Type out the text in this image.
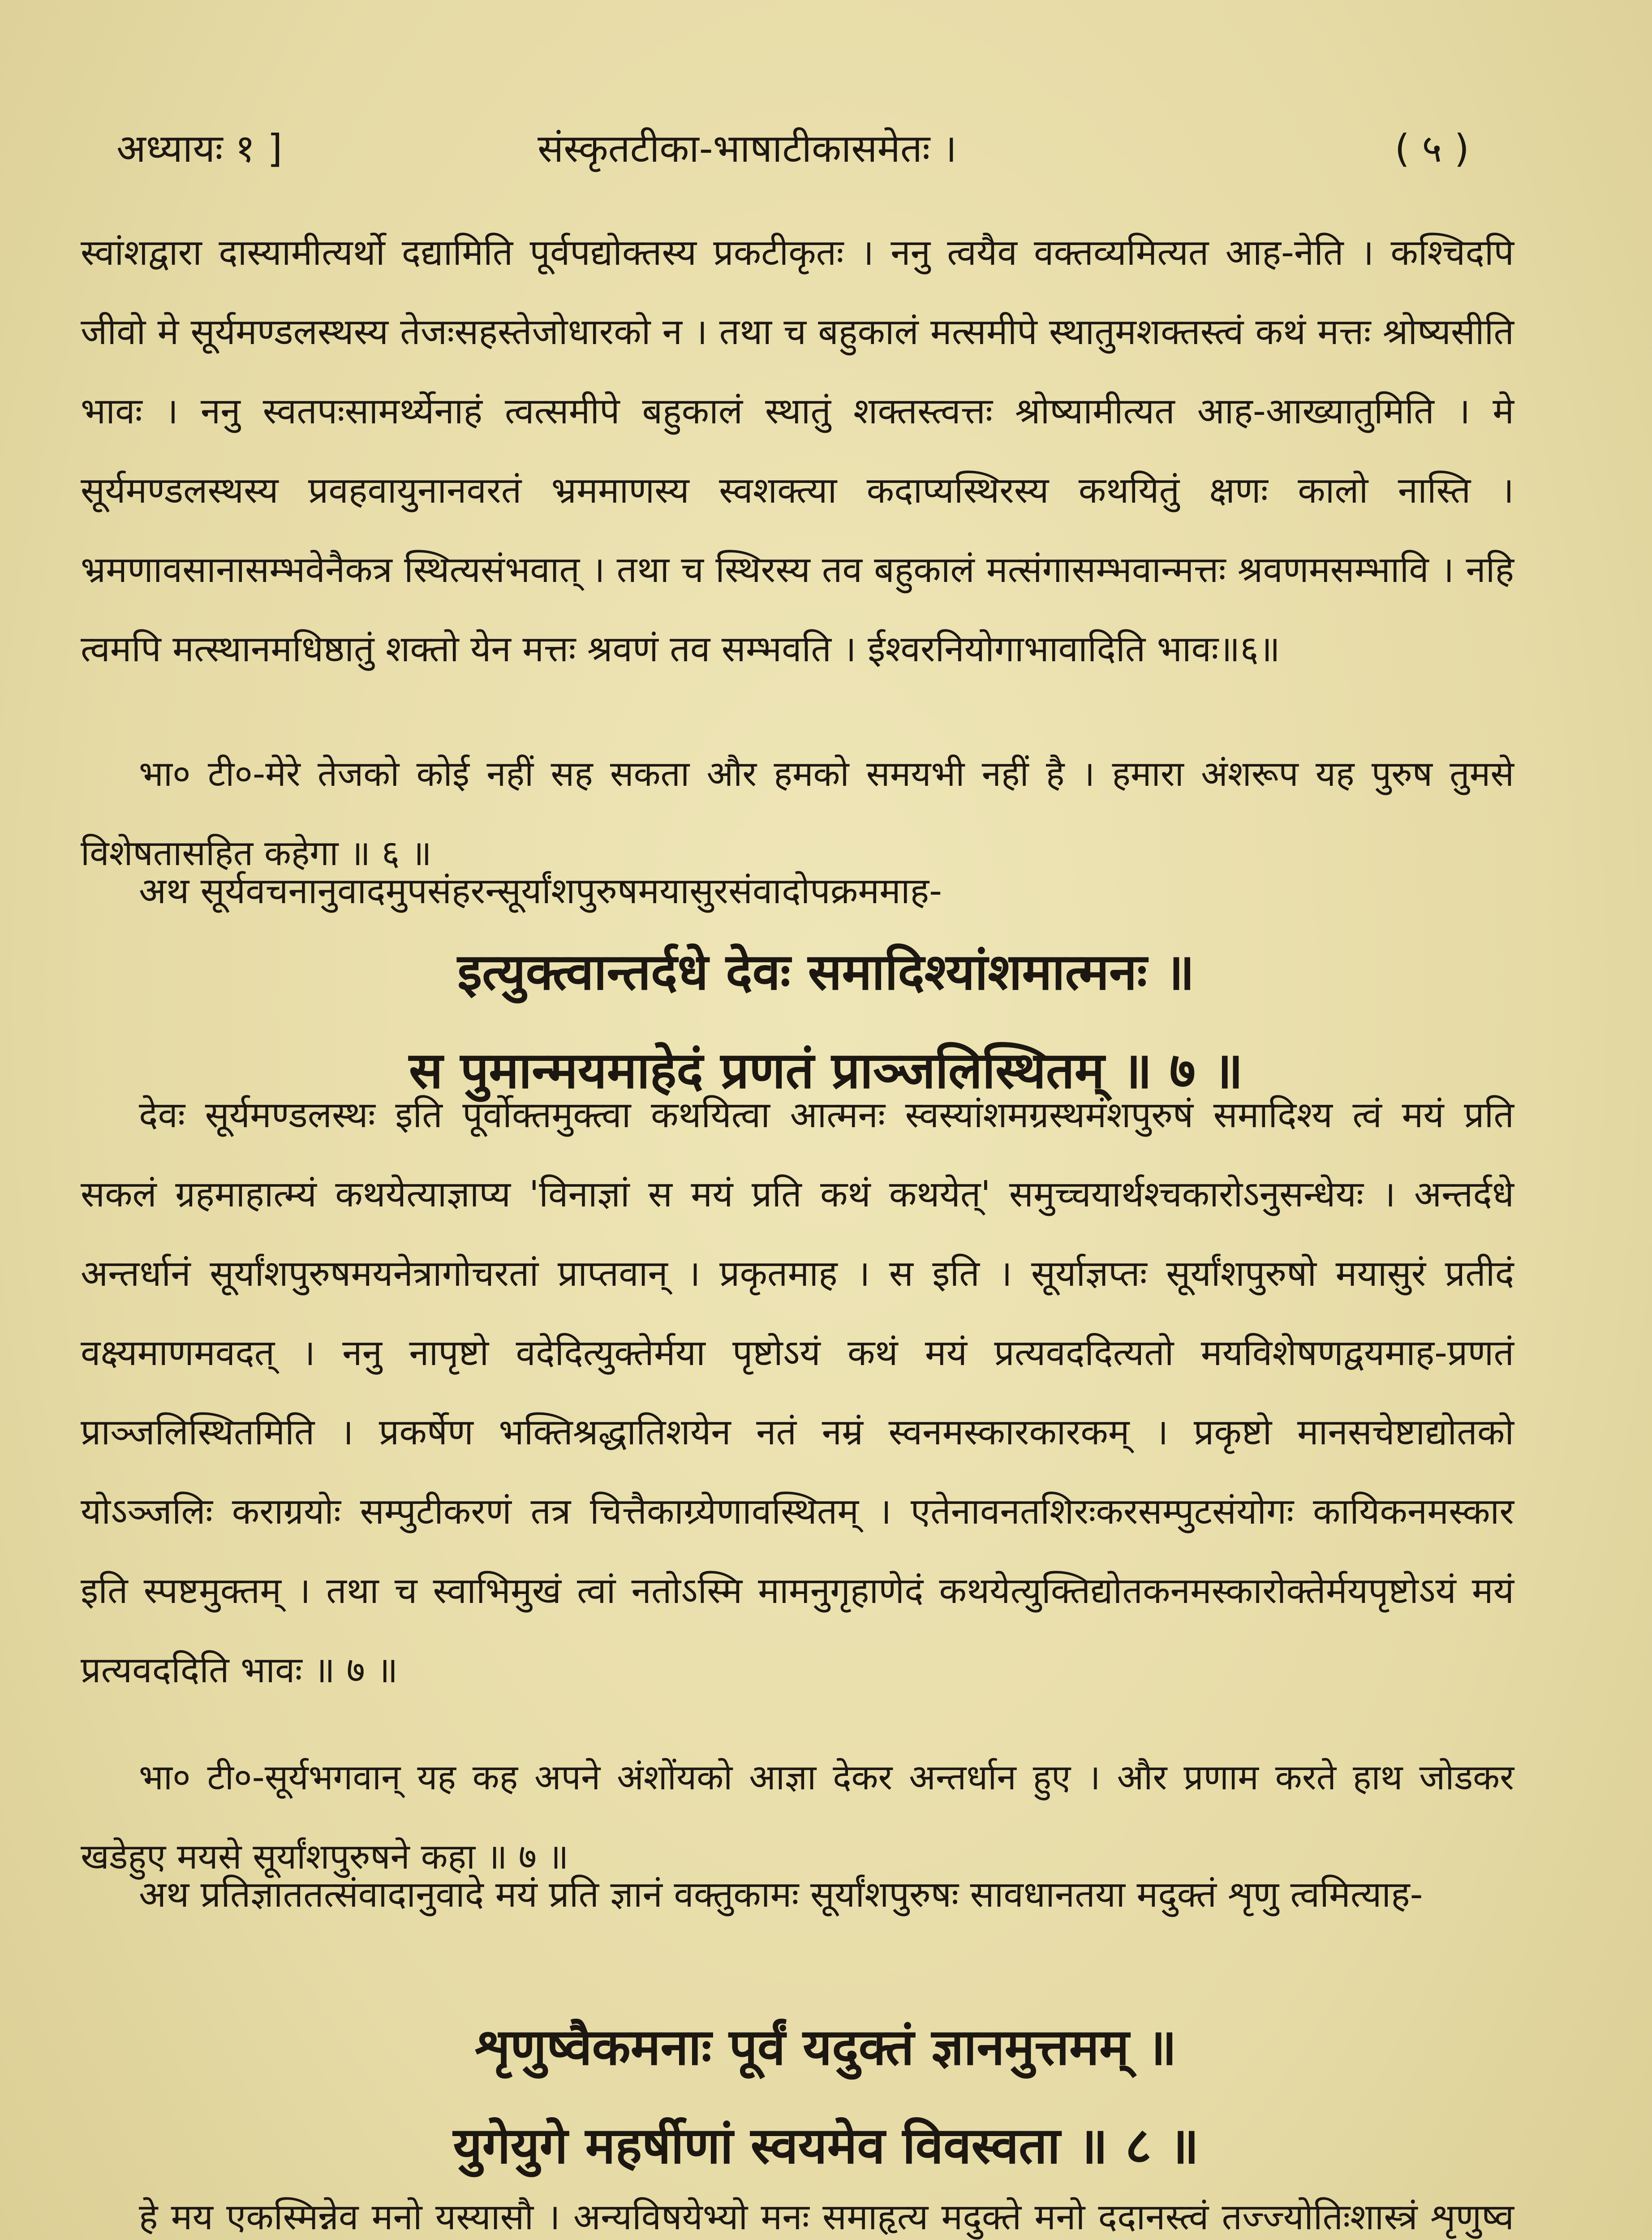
अध्यायः १ ]	संस्कृतटीका-भाषाटीकासमेतः ।	( ५ )
स्वांशद्वारा दास्यामीत्यर्थो दद्यामिति पूर्वपद्योक्तस्य प्रकटीकृतः । ननु त्वयैव वक्तव्यमित्यत आह-नेति । कश्चिदपि जीवो मे सूर्यमण्डलस्थस्य तेजःसहस्तेजोधारको न । तथा च बहुकालं मत्समीपे स्थातुमशक्तस्त्वं कथं मत्तः श्रोष्यसीति भावः । ननु स्वतपःसामर्थ्येनाहं त्वत्समीपे बहुकालं स्थातुं शक्तस्त्वत्तः श्रोष्यामीत्यत आह-आख्यातुमिति । मे सूर्यमण्डलस्थस्य प्रवहवायुनानवरतं भ्रममाणस्य स्वशक्त्या कदाप्यस्थिरस्य कथयितुं क्षणः कालो नास्ति । भ्रमणावसानासम्भवेनैकत्र स्थित्यसंभवात् । तथा च स्थिरस्य तव बहुकालं मत्संगासम्भवान्मत्तः श्रवणमसम्भावि । नहि त्वमपि मत्स्थानमधिष्ठातुं शक्तो येन मत्तः श्रवणं तव सम्भवति । ईश्वरनियोगाभावादिति भावः॥६॥
भा० टी०-मेरे तेजको कोई नहीं सह सकता और हमको समयभी नहीं है । हमारा अंशरूप यह पुरुष तुमसे विशेषतासहित कहेगा ॥ ६ ॥
अथ सूर्यवचनानुवादमुपसंहरन्सूर्यांशपुरुषमयासुरसंवादोपक्रममाह-
इत्युक्त्वान्तर्दधे देवः समादिश्यांशमात्मनः ॥
स पुमान्मयमाहेदं प्रणतं प्राञ्जलिस्थितम् ॥ ७ ॥
देवः सूर्यमण्डलस्थः इति पूर्वोक्तमुक्त्वा कथयित्वा आत्मनः स्वस्यांशमग्रस्थमंशपुरुषं समादिश्य त्वं मयं प्रति सकलं ग्रहमाहात्म्यं कथयेत्याज्ञाप्य 'विनाज्ञां स मयं प्रति कथं कथयेत्' समुच्चयार्थश्चकारोऽनुसन्धेयः । अन्तर्दधे अन्तर्धानं सूर्यांशपुरुषमयनेत्रागोचरतां प्राप्तवान् । प्रकृतमाह । स इति । सूर्याज्ञप्तः सूर्यांशपुरुषो मयासुरं प्रतीदं वक्ष्यमाणमवदत् । ननु नापृष्टो वदेदित्युक्तेर्मया पृष्टोऽयं कथं मयं प्रत्यवददित्यतो मयविशेषणद्वयमाह-प्रणतं प्राञ्जलिस्थितमिति । प्रकर्षेण भक्तिश्रद्धातिशयेन नतं नम्रं स्वनमस्कारकारकम् । प्रकृष्टो मानसचेष्टाद्योतको योऽञ्जलिः कराग्रयोः सम्पुटीकरणं तत्र चित्तैकाग्र्येणावस्थितम् । एतेनावनतशिरःकरसम्पुटसंयोगः कायिकनमस्कार इति स्पष्टमुक्तम् । तथा च स्वाभिमुखं त्वां नतोऽस्मि मामनुगृहाणेदं कथयेत्युक्तिद्योतकनमस्कारोक्तेर्मयपृष्टोऽयं मयं प्रत्यवददिति भावः ॥ ७ ॥
भा० टी०-सूर्यभगवान् यह कह अपने अंशोंयको आज्ञा देकर अन्तर्धान हुए । और प्रणाम करते हाथ जोडकर खडेहुए मयसे सूर्यांशपुरुषने कहा ॥ ७ ॥
अथ प्रतिज्ञाततत्संवादानुवादे मयं प्रति ज्ञानं वक्तुकामः सूर्यांशपुरुषः सावधानतया मदुक्तं शृणु त्वमित्याह-
शृणुष्वैकमनाः पूर्वं यदुक्तं ज्ञानमुत्तमम् ॥
युगेयुगे महर्षीणां स्वयमेव विवस्वता ॥ ८ ॥
हे मय एकस्मिन्नेव मनो यस्यासौ । अन्यविषयेभ्यो मनः समाहृत्य मदुक्ते मनो ददानस्त्वं तज्ज्योतिःशास्त्रं शृणुष्व
